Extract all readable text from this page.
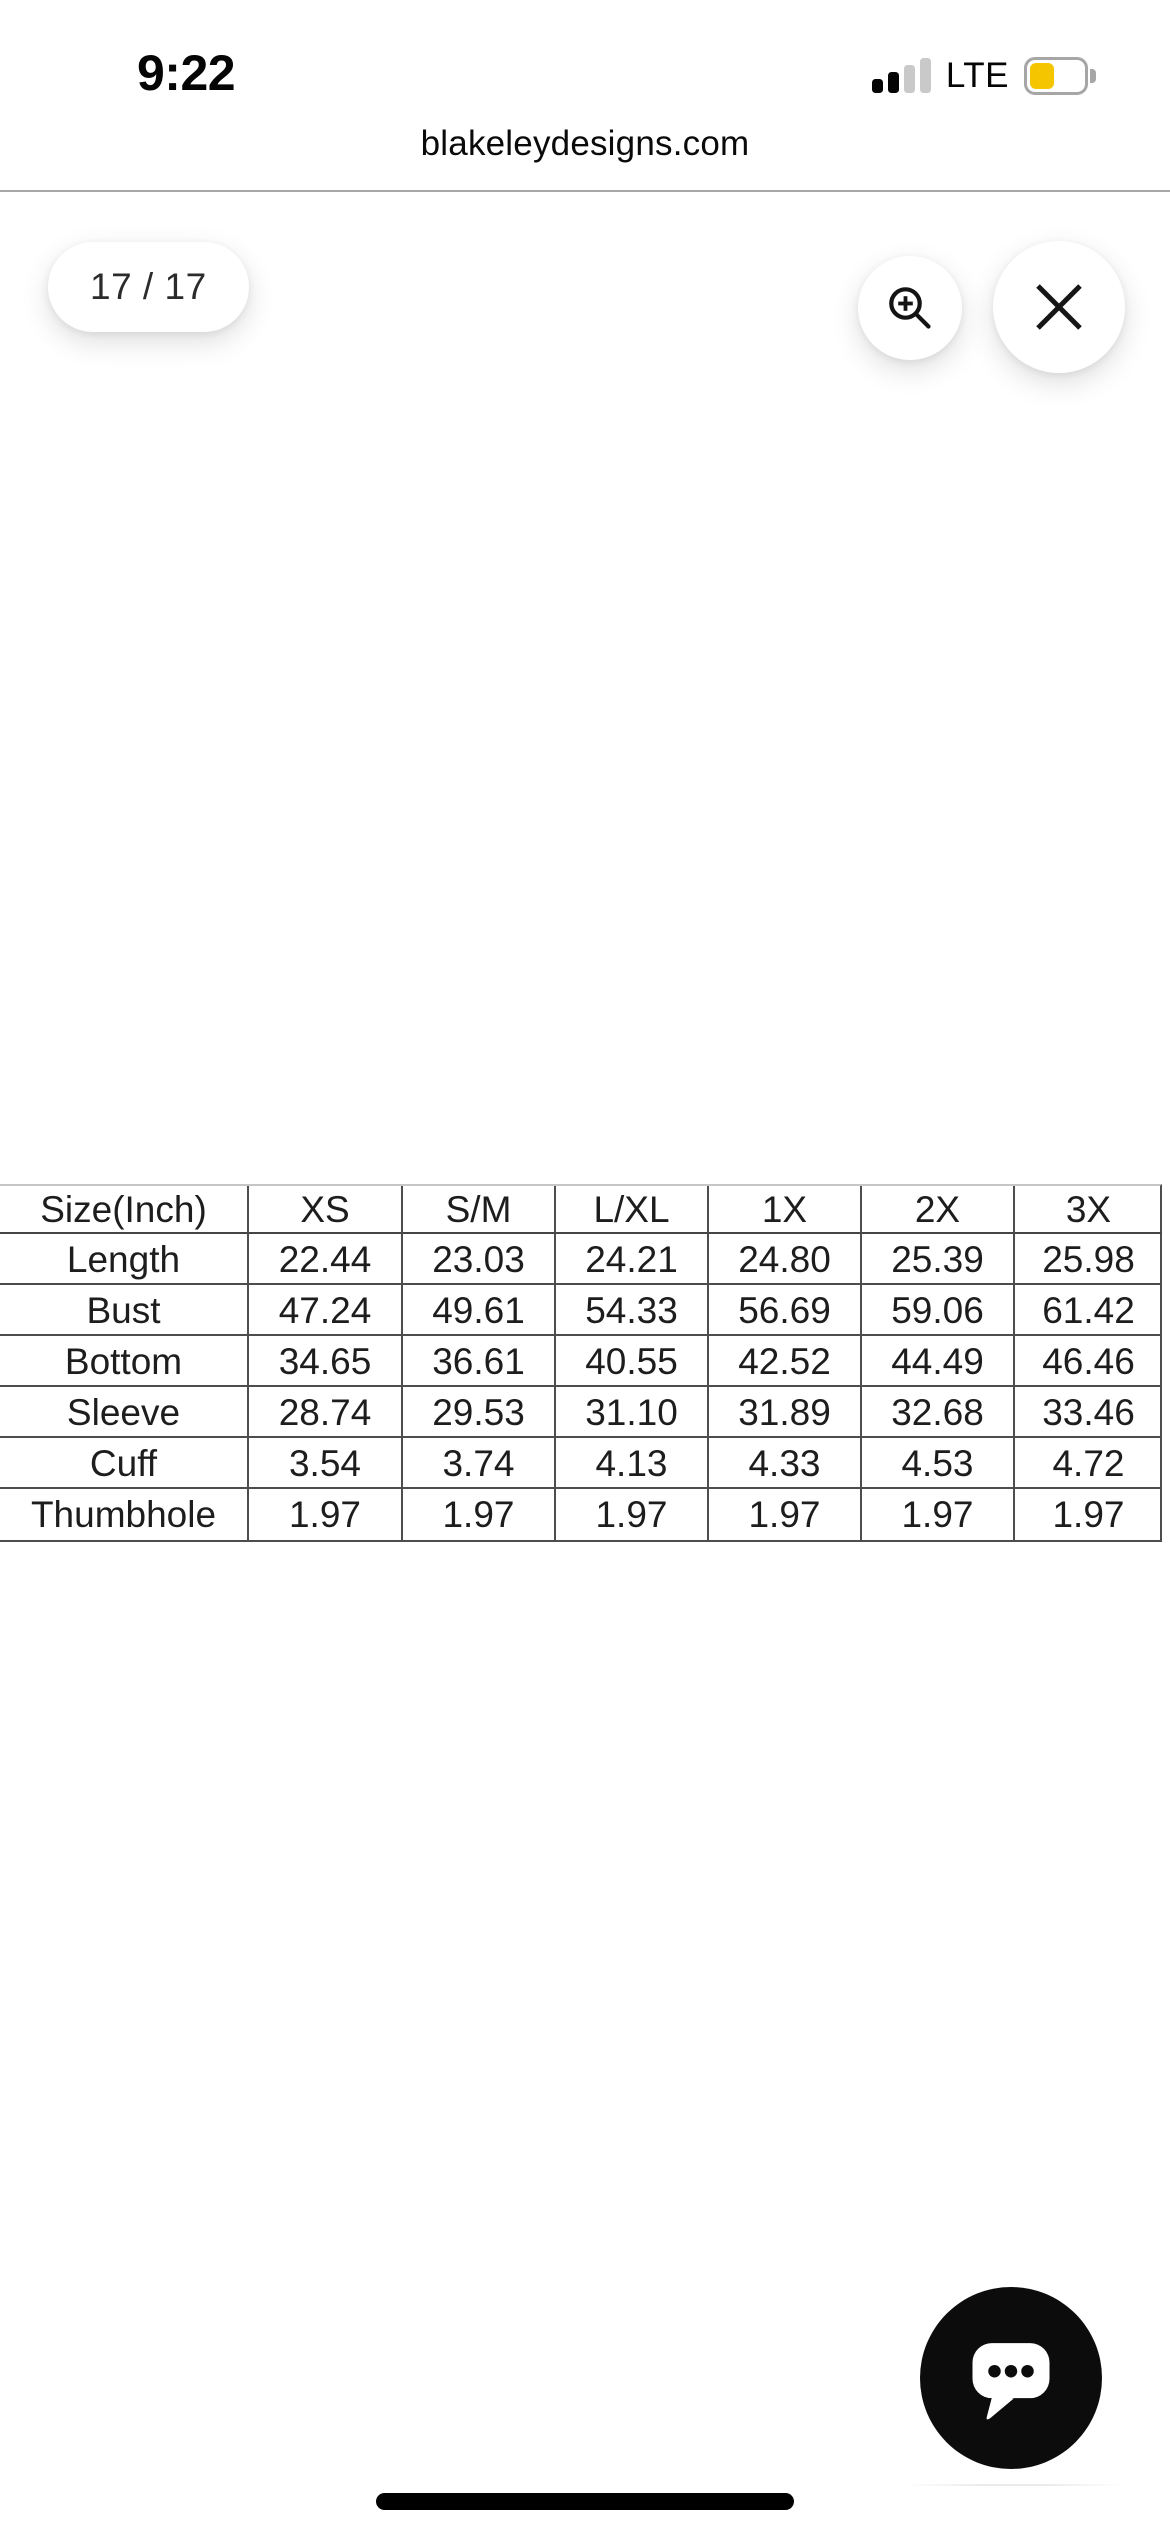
9:22	LTE
blakeleydesigns.com
17 / 17
Size(Inch)	XS	S/M	L/XL	1X	2X	3X
Length	22.44	23.03	24.21	24.80	25.39	25.98
Bust	47.24	49.61	54.33	56.69	59.06	61.42
Bottom	34.65	36.61	40.55	42.52	44.49	46.46
Sleeve	28.74	29.53	31.10	31.89	32.68	33.46
Cuff	3.54	3.74	4.13	4.33	4.53	4.72
Thumbhole	1.97	1.97	1.97	1.97	1.97	1.97
